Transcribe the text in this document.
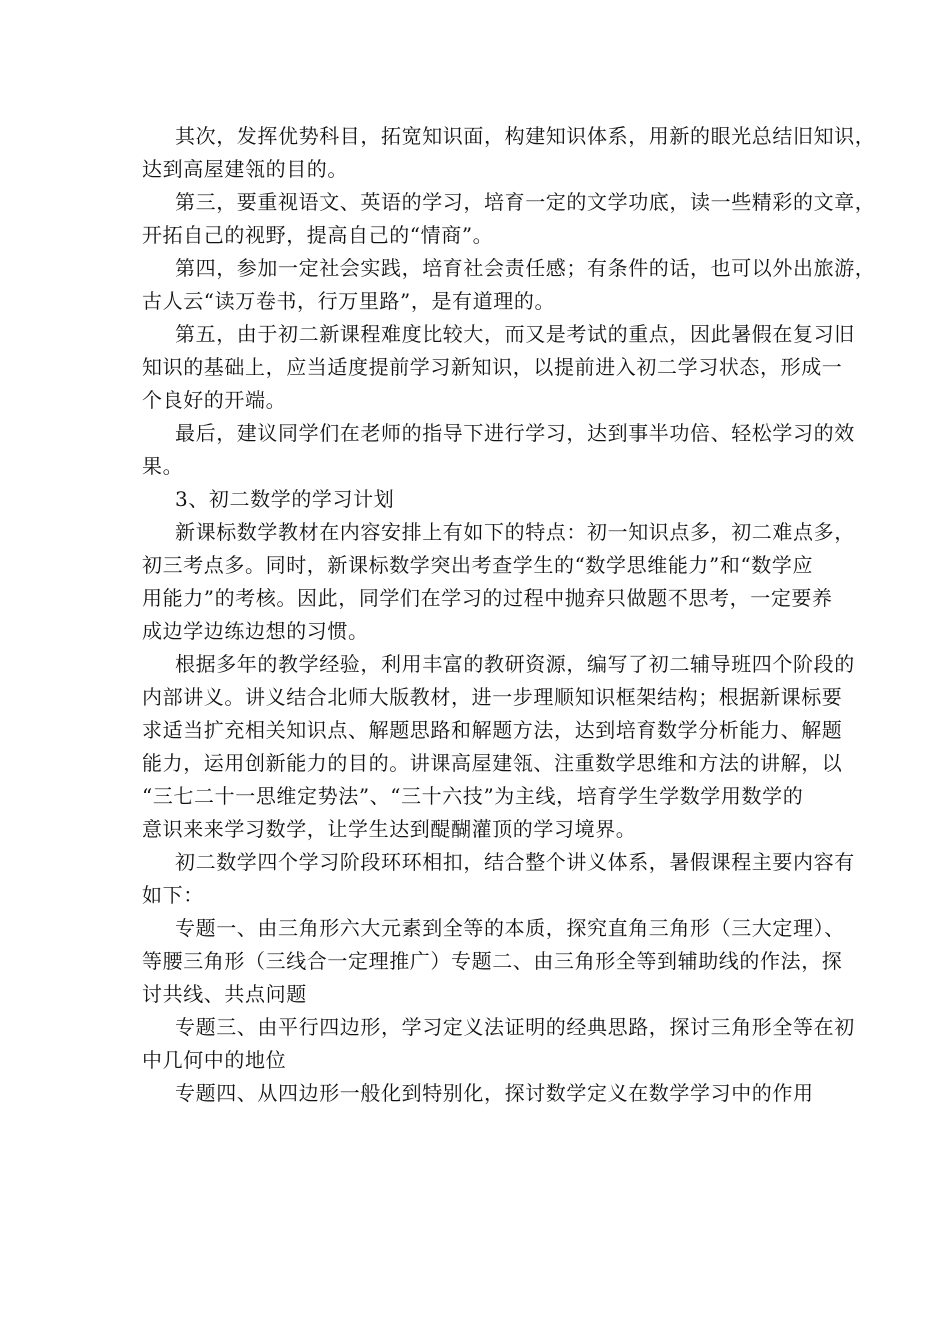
其次，发挥优势科目，拓宽知识面，构建知识体系，用新的眼光总结旧知识，
达到高屋建瓴的目的。
第三，要重视语文、英语的学习，培育一定的文学功底，读一些精彩的文章，
开拓自己的视野，提高自己的“情商”。
第四，参加一定社会实践，培育社会责任感；有条件的话，也可以外出旅游，
古人云“读万卷书，行万里路”，是有道理的。
第五，由于初二新课程难度比较大，而又是考试的重点，因此暑假在复习旧
知识的基础上，应当适度提前学习新知识，以提前进入初二学习状态，形成一
个良好的开端。
最后，建议同学们在老师的指导下进行学习，达到事半功倍、轻松学习的效
果。
3、初二数学的学习计划
新课标数学教材在内容安排上有如下的特点：初一知识点多，初二难点多，
初三考点多。同时，新课标数学突出考查学生的“数学思维能力”和“数学应
用能力”的考核。因此，同学们在学习的过程中抛弃只做题不思考，一定要养
成边学边练边想的习惯。
根据多年的教学经验，利用丰富的教研资源，编写了初二辅导班四个阶段的
内部讲义。讲义结合北师大版教材，进一步理顺知识框架结构；根据新课标要
求适当扩充相关知识点、解题思路和解题方法，达到培育数学分析能力、解题
能力，运用创新能力的目的。讲课高屋建瓴、注重数学思维和方法的讲解，以
“三七二十一思维定势法”、“三十六技”为主线，培育学生学数学用数学的
意识来来学习数学，让学生达到醍醐灌顶的学习境界。
初二数学四个学习阶段环环相扣，结合整个讲义体系，暑假课程主要内容有
如下：
专题一、由三角形六大元素到全等的本质，探究直角三角形（三大定理）、
等腰三角形（三线合一定理推广）专题二、由三角形全等到辅助线的作法，探
讨共线、共点问题
专题三、由平行四边形，学习定义法证明的经典思路，探讨三角形全等在初
中几何中的地位
专题四、从四边形一般化到特别化，探讨数学定义在数学学习中的作用
